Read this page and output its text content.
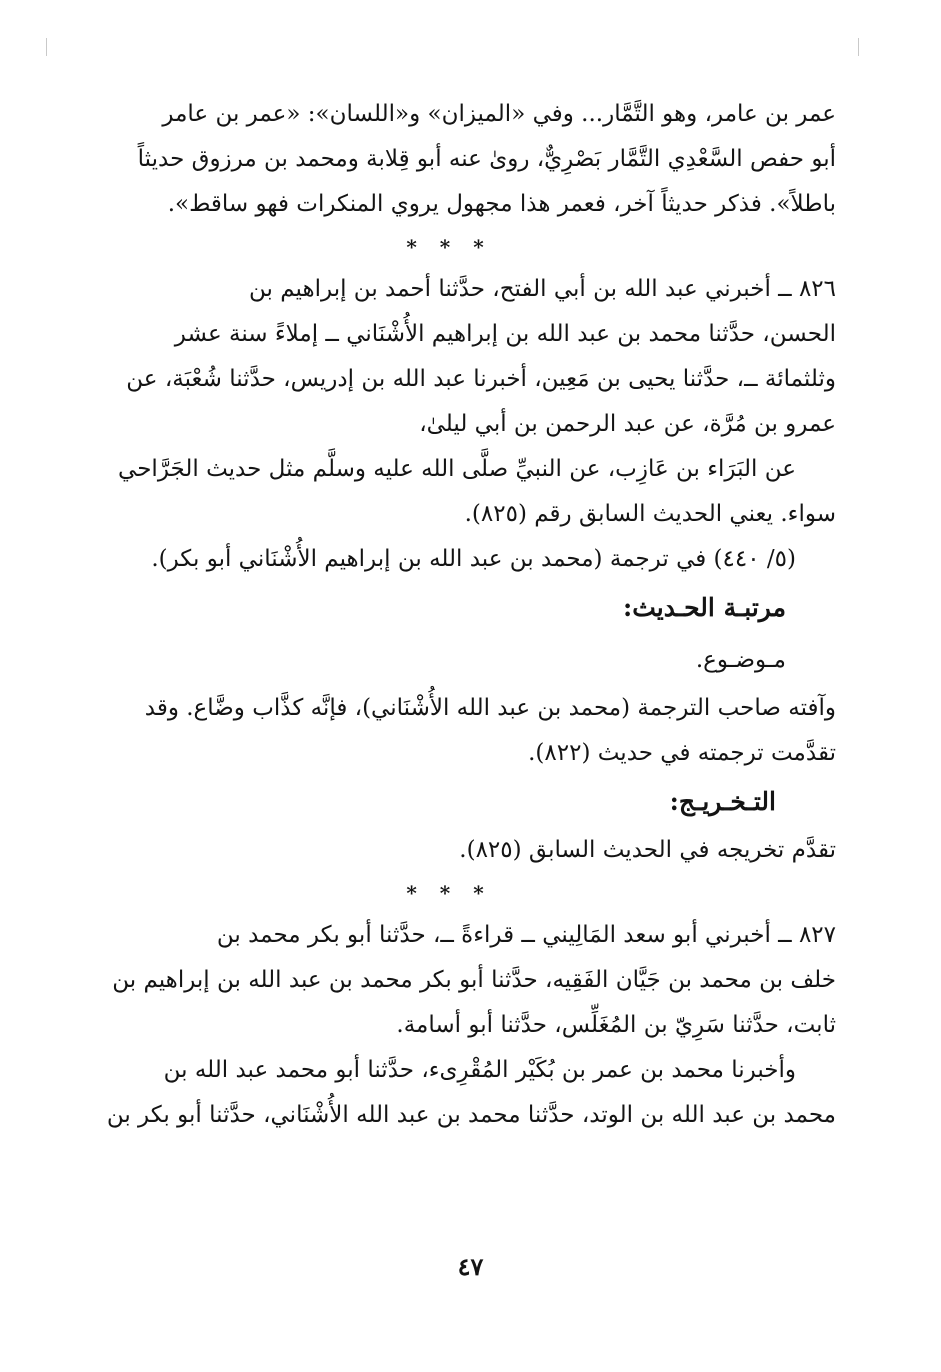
عمر بن عامر، وهو التَّمَّار... وفي «الميزان» و«اللسان»: «عمر بن عامر
أبو حفص السَّعْدِي التَّمَّار بَصْرِيٌّ، روىٰ عنه أبو قِلابة ومحمد بن مرزوق حديثاً
باطلاً». فذكر حديثاً آخر، فعمر هذا مجهول يروي المنكرات فهو ساقط».
* * *
٨٢٦ ــ أخبرني عبد الله بن أبي الفتح، حدَّثنا أحمد بن إبراهيم بن
الحسن، حدَّثنا محمد بن عبد الله بن إبراهيم الأُشْنَاني ــ إملاءً سنة عشر
وثلثمائة ــ، حدَّثنا يحيى بن مَعِين، أخبرنا عبد الله بن إدريس، حدَّثنا شُعْبَة، عن
عمرو بن مُرَّة، عن عبد الرحمن بن أبي ليلىٰ،
عن البَرَاء بن عَازِب، عن النبيِّ صلَّى الله عليه وسلَّم مثل حديث الجَرَّاحي
سواء. يعني الحديث السابق رقم (٨٢٥).
(٥/ ٤٤٠) في ترجمة (محمد بن عبد الله بن إبراهيم الأُشْنَاني أبو بكر).
مرتبـة الحـديث:
مـوضـوع.
وآفته صاحب الترجمة (محمد بن عبد الله الأُشْنَاني)، فإنَّه كذَّاب وضَّاع. وقد
تقدَّمت ترجمته في حديث (٨٢٢).
التـخـريـج:
تقدَّم تخريجه في الحديث السابق (٨٢٥).
* * *
٨٢٧ ــ أخبرني أبو سعد المَالِيني ــ قراءةً ــ، حدَّثنا أبو بكر محمد بن
خلف بن محمد بن جَيَّان الفَقِيه، حدَّثنا أبو بكر محمد بن عبد الله بن إبراهيم بن
ثابت، حدَّثنا سَرِيّ بن المُغَلِّس، حدَّثنا أبو أسامة.
وأخبرنا محمد بن عمر بن بُكَيْر المُقْرِىء، حدَّثنا أبو محمد عبد الله بن
محمد بن عبد الله بن الوتد، حدَّثنا محمد بن عبد الله الأُشْنَاني، حدَّثنا أبو بكر بن
٤٧
